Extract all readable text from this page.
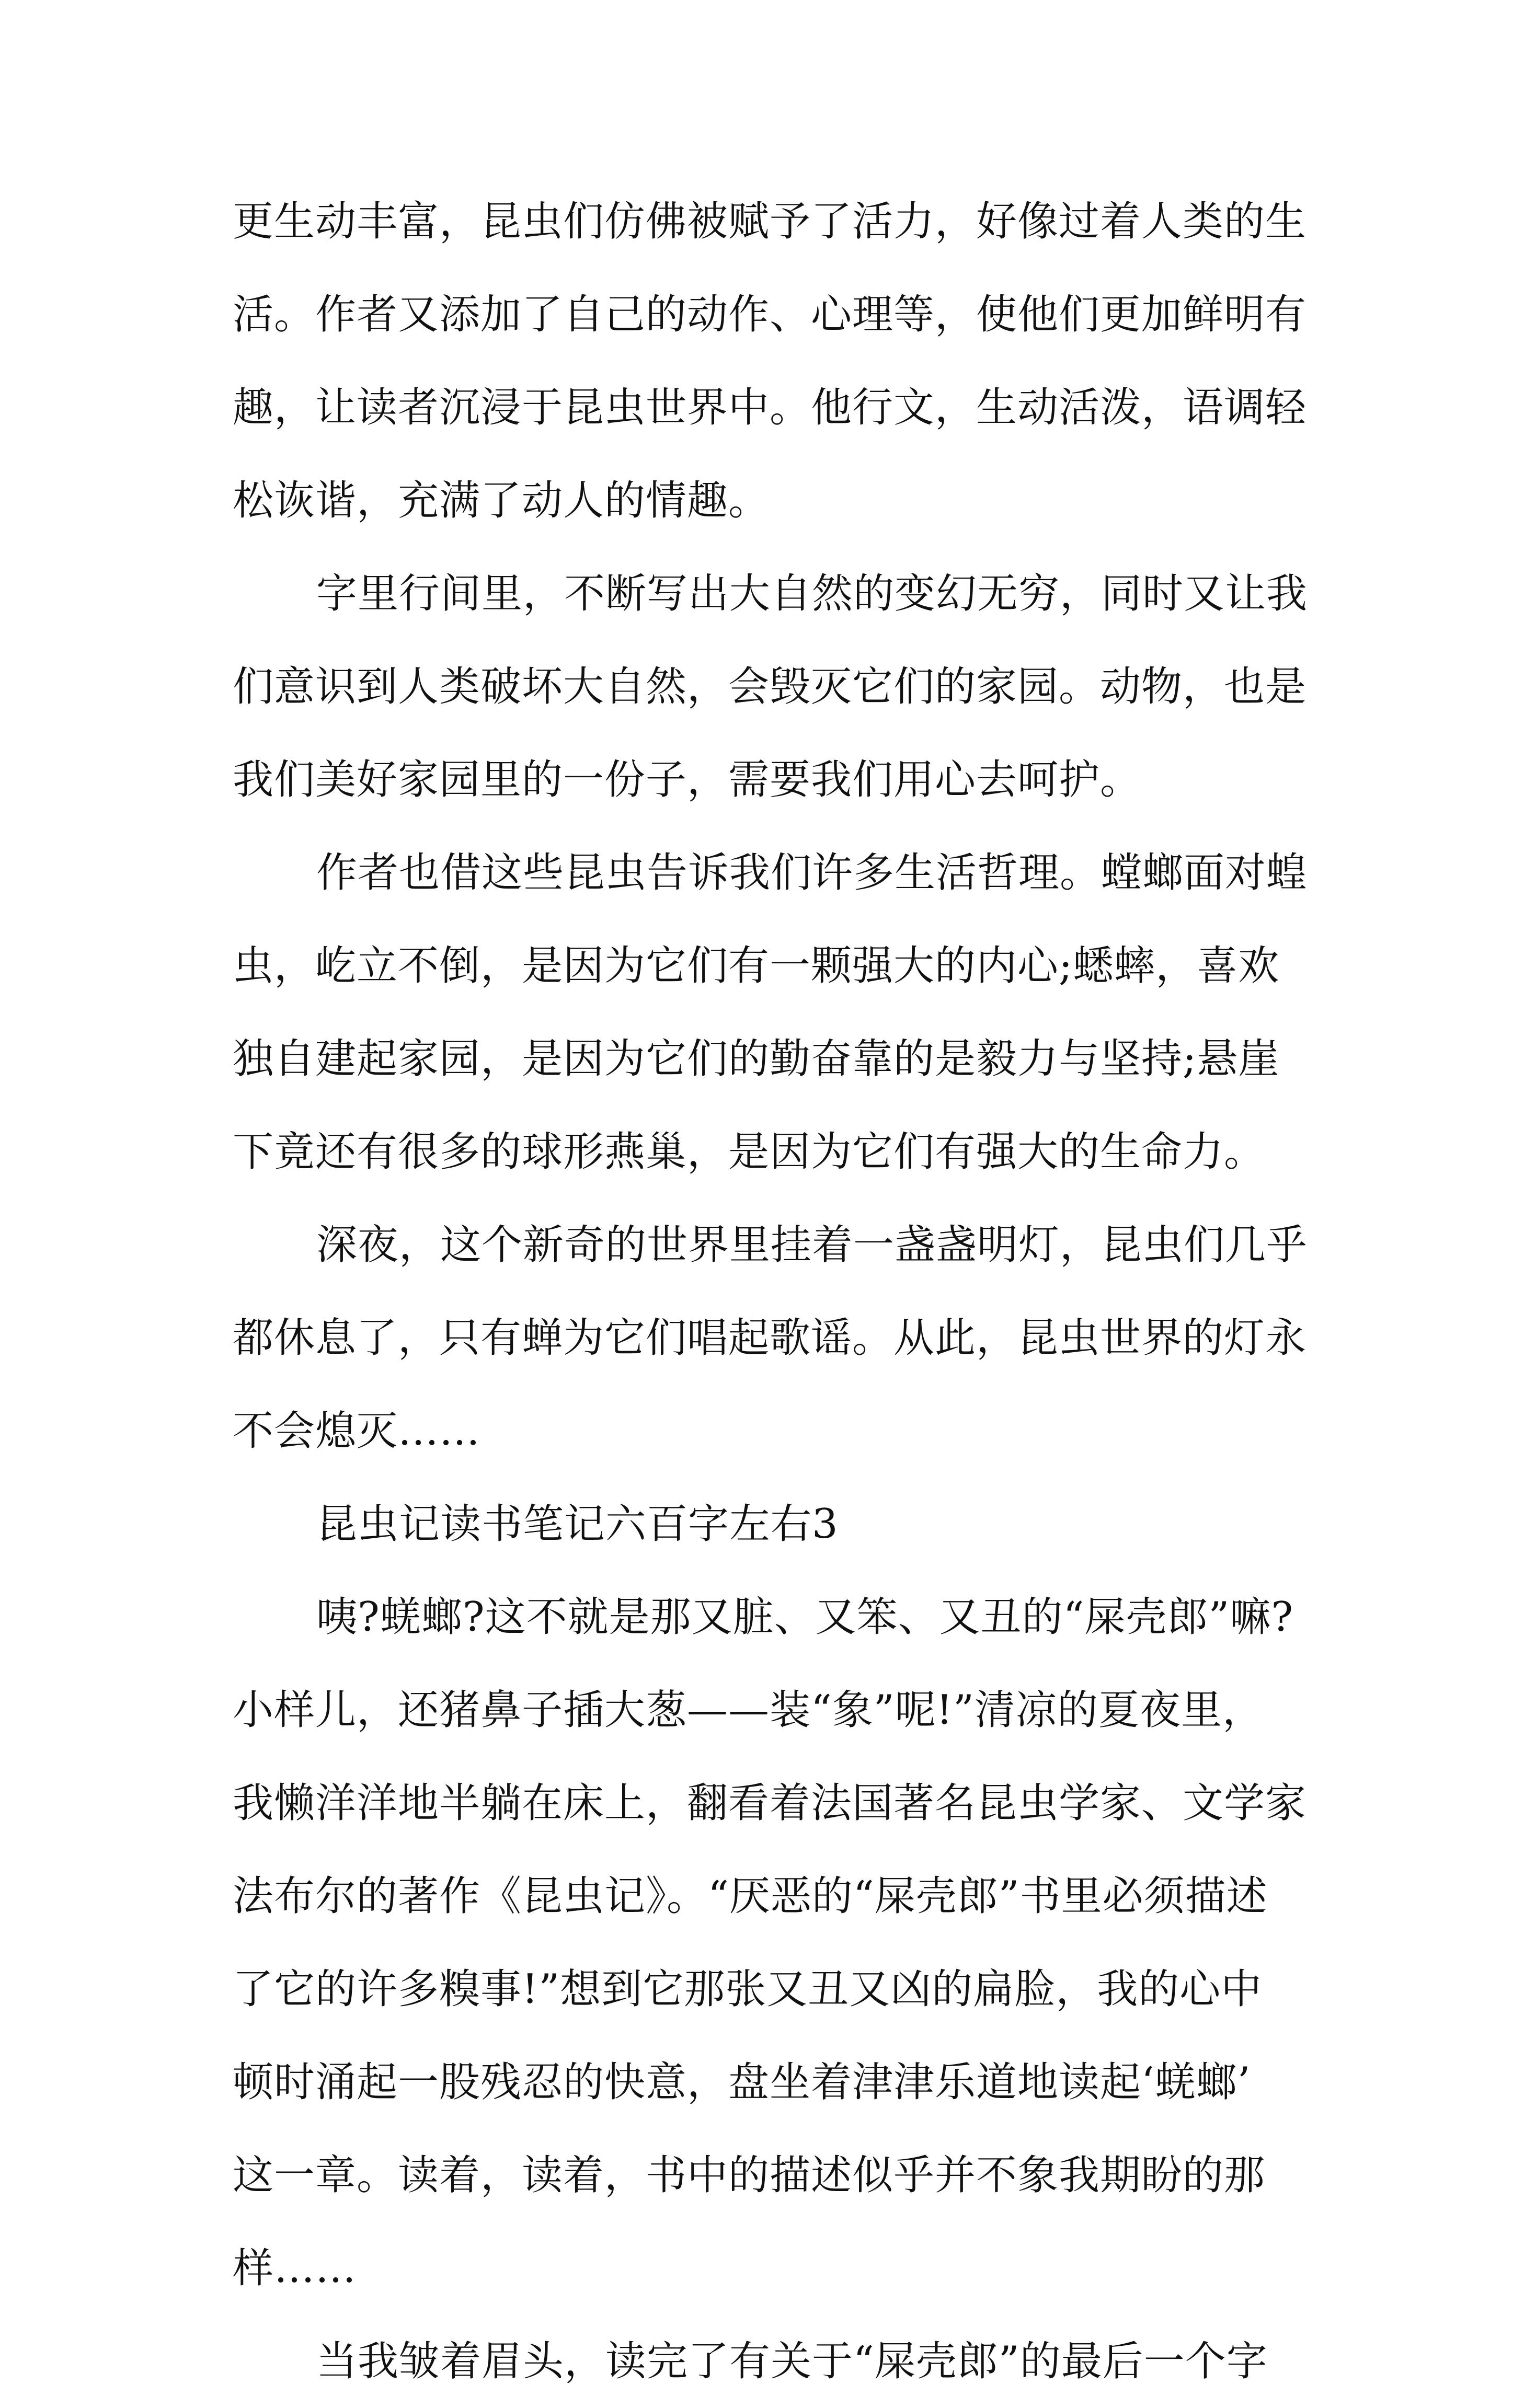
更生动丰富，昆虫们仿佛被赋予了活力，好像过着人类的生
活。作者又添加了自己的动作、心理等，使他们更加鲜明有
趣，让读者沉浸于昆虫世界中。他行文，生动活泼，语调轻
松诙谐，充满了动人的情趣。
字里行间里，不断写出大自然的变幻无穷，同时又让我
们意识到人类破坏大自然，会毁灭它们的家园。动物，也是
我们美好家园里的一份子，需要我们用心去呵护。
作者也借这些昆虫告诉我们许多生活哲理。螳螂面对蝗
虫，屹立不倒，是因为它们有一颗强大的内心;蟋蟀，喜欢
独自建起家园，是因为它们的勤奋靠的是毅力与坚持;悬崖
下竟还有很多的球形燕巢，是因为它们有强大的生命力。
深夜，这个新奇的世界里挂着一盏盏明灯，昆虫们几乎
都休息了，只有蝉为它们唱起歌谣。从此，昆虫世界的灯永
不会熄灭……
昆虫记读书笔记六百字左右3
咦?蜣螂?这不就是那又脏、又笨、又丑的“屎壳郎”嘛?
小样儿，还猪鼻子插大葱——装“象”呢!”清凉的夏夜里，
我懒洋洋地半躺在床上，翻看着法国著名昆虫学家、文学家
法布尔的著作《昆虫记》。“厌恶的“屎壳郎”书里必须描述
了它的许多糗事!”想到它那张又丑又凶的扁脸，我的心中
顿时涌起一股残忍的快意，盘坐着津津乐道地读起‘蜣螂’
这一章。读着，读着，书中的描述似乎并不象我期盼的那
样……
当我皱着眉头，读完了有关于“屎壳郎”的最后一个字
